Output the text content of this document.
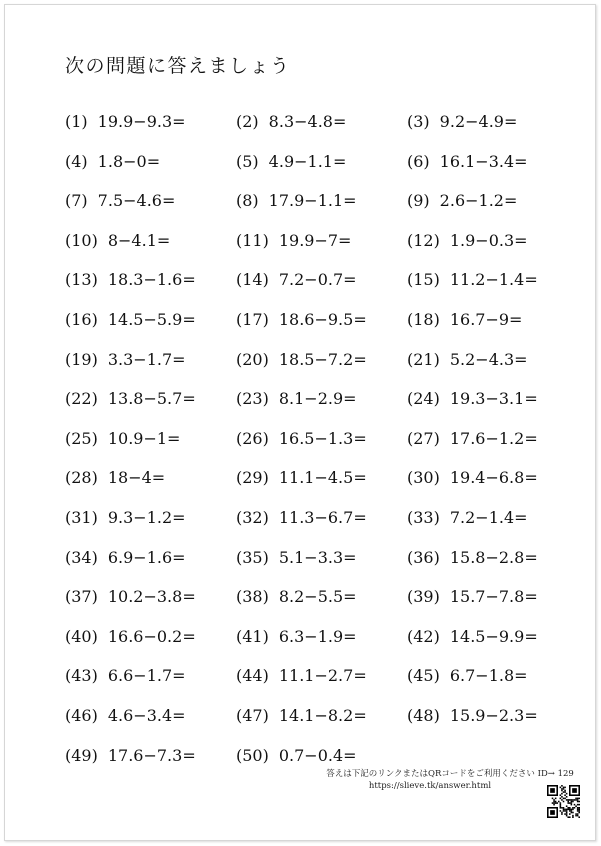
次の問題に答えましょう
(1) 19.9−9.3=	(2) 8.3−4.8=	(3) 9.2−4.9=
(4) 1.8−0=	(5) 4.9−1.1=	(6) 16.1−3.4=
(7) 7.5−4.6=	(8) 17.9−1.1=	(9) 2.6−1.2=
(10) 8−4.1=	(11) 19.9−7=	(12) 1.9−0.3=
(13) 18.3−1.6=	(14) 7.2−0.7=	(15) 11.2−1.4=
(16) 14.5−5.9=	(17) 18.6−9.5=	(18) 16.7−9=
(19) 3.3−1.7=	(20) 18.5−7.2=	(21) 5.2−4.3=
(22) 13.8−5.7=	(23) 8.1−2.9=	(24) 19.3−3.1=
(25) 10.9−1=	(26) 16.5−1.3=	(27) 17.6−1.2=
(28) 18−4=	(29) 11.1−4.5=	(30) 19.4−6.8=
(31) 9.3−1.2=	(32) 11.3−6.7=	(33) 7.2−1.4=
(34) 6.9−1.6=	(35) 5.1−3.3=	(36) 15.8−2.8=
(37) 10.2−3.8=	(38) 8.2−5.5=	(39) 15.7−7.8=
(40) 16.6−0.2=	(41) 6.3−1.9=	(42) 14.5−9.9=
(43) 6.6−1.7=	(44) 11.1−2.7=	(45) 6.7−1.8=
(46) 4.6−3.4=	(47) 14.1−8.2=	(48) 15.9−2.3=
(49) 17.6−7.3=	(50) 0.7−0.4=
答えは下記のリンクまたはQRコードをご利用ください ID→ 129
https://slieve.tk/answer.html
